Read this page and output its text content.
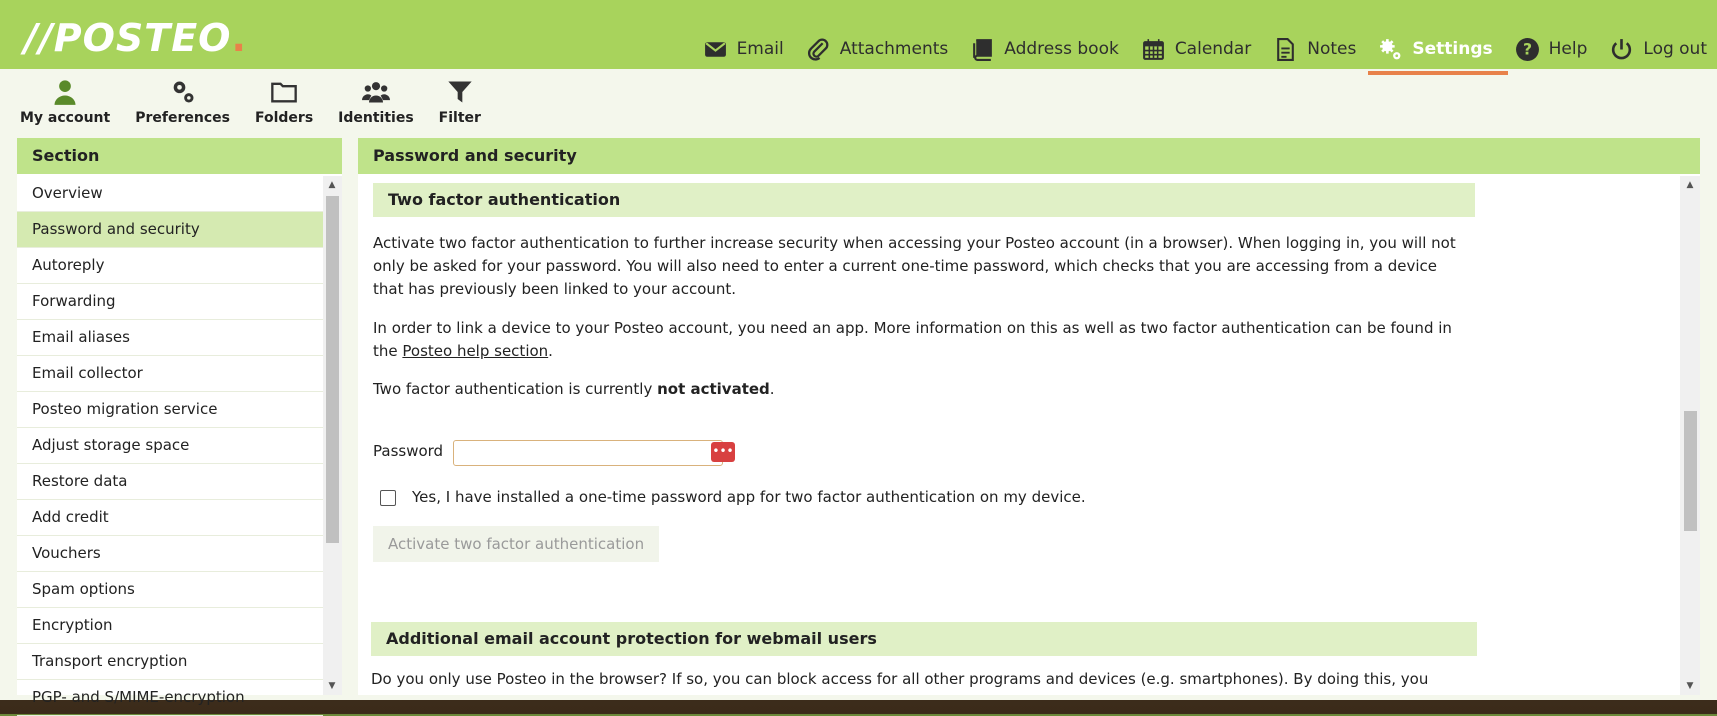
//POSTEO.	Email	Attachments	Address book	Calendar	Notes	Settings ? Help	Log out
My account Preferences Folders Identities Filter
Section
Overview
Password and security
Autoreply
Forwarding
Email aliases
Email collector
Posteo migration service
Adjust storage space
Restore data
Add credit
Vouchers
Spam options
Encryption
Transport encryption
PGP- and S/MIME-encryption
▲
▼
Password and security
Two factor authentication

Activate two factor authentication to further increase security when accessing your Posteo account (in a browser). When logging in, you will not only be asked for your password. You will also need to enter a current one-time password, which checks that you are accessing from a device that has previously been linked to your account.

In order to link a device to your Posteo account, you need an app. More information on this as well as two factor authentication can be found in the Posteo help section.

Two factor authentication is currently not activated.

Password	•••
Yes, I have installed a one-time password app for two factor authentication on my device.
Activate two factor authentication
Additional email account protection for webmail users

Do you only use Posteo in the browser? If so, you can block access for all other programs and devices (e.g. smartphones). By doing this, you

▲
▼
